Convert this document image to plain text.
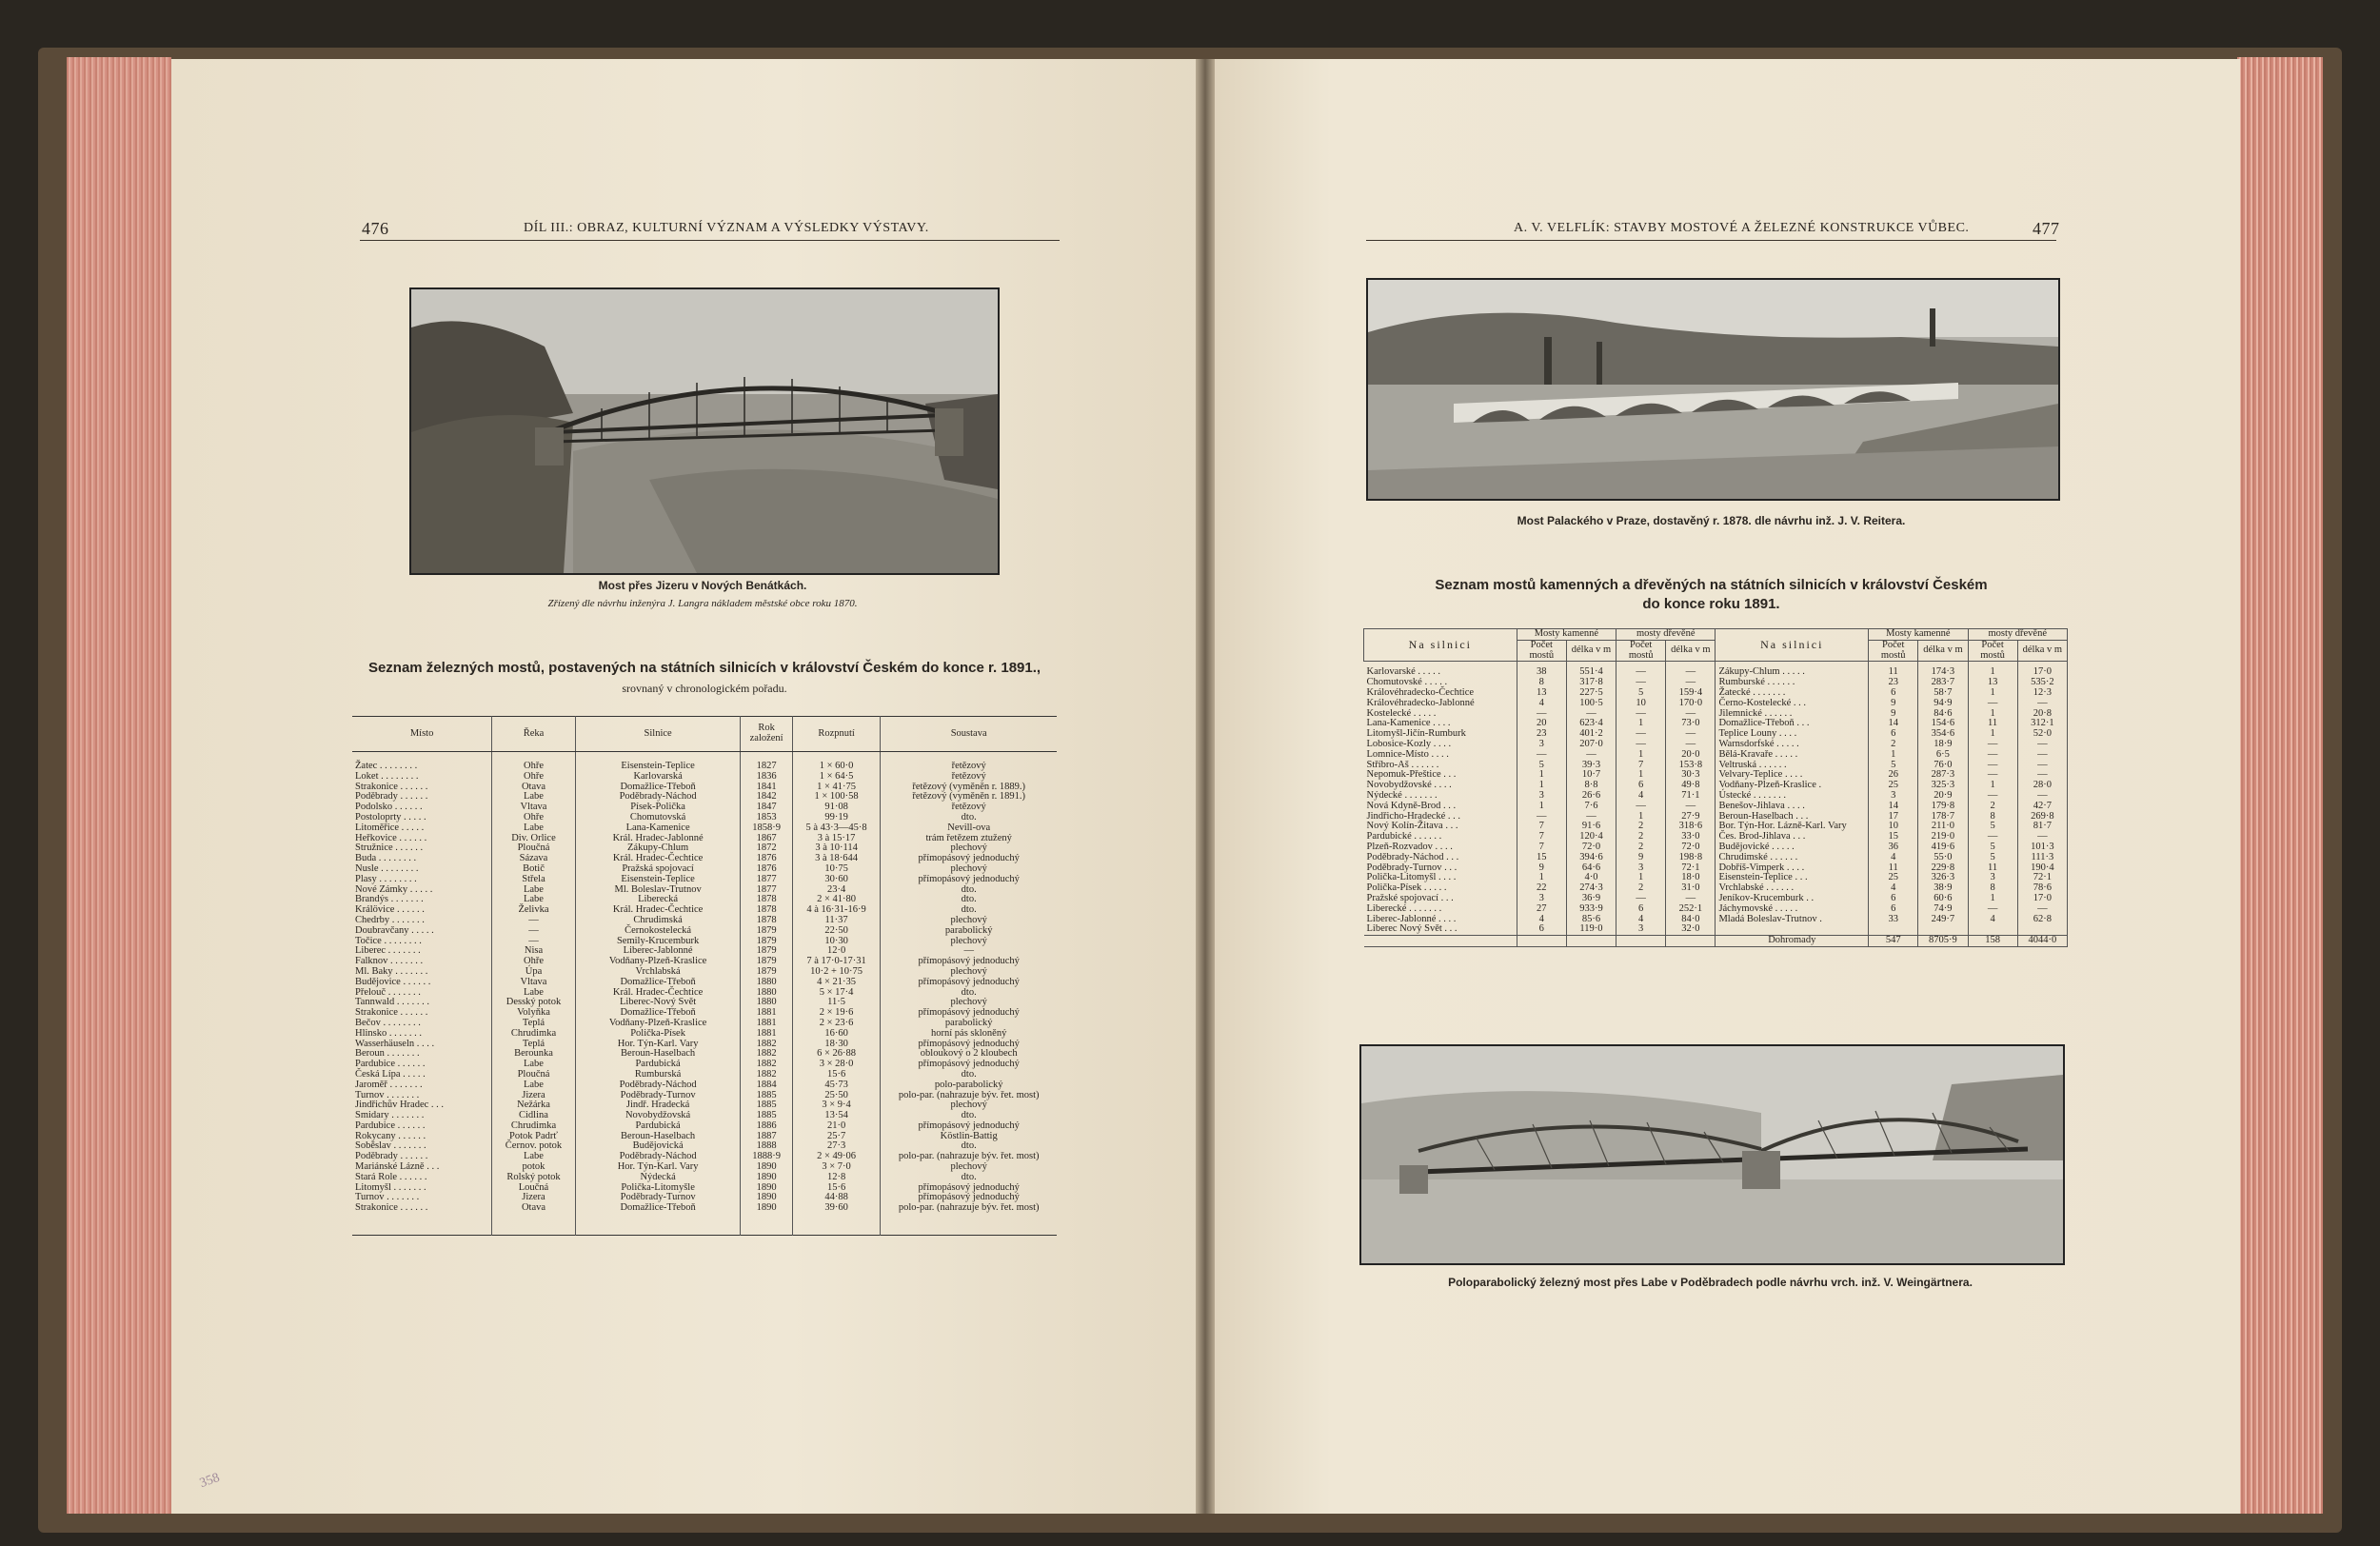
476	DÍL III.: OBRAZ, KULTURNÍ VÝZNAM A VÝSLEDKY VÝSTAVY.
Most přes Jizeru v Nových Benátkách.
Zřízený dle návrhu inženýra J. Langra nákladem městské obce roku 1870.
Seznam železných mostů, postavených na státních silnicích v království Českém do konce r. 1891.,
srovnaný v chronologickém pořadu.
Místo	Řeka	Silnice	Rok založení	Rozpnutí	Soustava
Žatec . . . . . . . .	Ohře	Eisenstein-Teplice	1827	1 × 60·0	řetězový
Loket . . . . . . . .	Ohře	Karlovarská	1836	1 × 64·5	řetězový
Strakonice . . . . . .	Otava	Domažlice-Třeboň	1841	1 × 41·75	řetězový (vyměněn r. 1889.)
Poděbrady . . . . . .	Labe	Poděbrady-Náchod	1842	1 × 100·58	řetězový (vyměněn r. 1891.)
Podolsko . . . . . .	Vltava	Písek-Polička	1847	91·08	řetězový
Postoloprty . . . . .	Ohře	Chomutovská	1853	99·19	dto.
Litoměřice . . . . .	Labe	Lana-Kamenice	1858·9	5 à 43·3—45·8	Nevill-ova
Heřkovice . . . . . .	Div. Orlice	Král. Hradec-Jablonné	1867	3 à 15·17	trám řetězem ztužený
Stružnice . . . . . .	Ploučná	Zákupy-Chlum	1872	3 à 10·114	plechový
Buda . . . . . . . .	Sázava	Král. Hradec-Čechtice	1876	3 à 18·644	přímopásový jednoduchý
Nusle . . . . . . . .	Botič	Pražská spojovací	1876	10·75	plechový
Plasy . . . . . . . .	Střela	Eisenstein-Teplice	1877	30·60	přímopásový jednoduchý
Nové Zámky . . . . .	Labe	Ml. Boleslav-Trutnov	1877	23·4	dto.
Brandýs . . . . . . .	Labe	Liberecká	1878	2 × 41·80	dto.
Králövice . . . . . .	Želivka	Král. Hradec-Čechtice	1878	4 à 16·31-16·9	dto.
Chedrby . . . . . . .	—	Chrudimská	1878	11·37	plechový
Doubravčany . . . . .	—	Černokostelecká	1879	22·50	parabolický
Točice . . . . . . . .	—	Semily-Krucemburk	1879	10·30	plechový
Liberec . . . . . . .	Nisa	Liberec-Jablonné	1879	12·0	—
Falknov . . . . . . .	Ohře	Vodňany-Plzeň-Kraslice	1879	7 à 17·0-17·31	přímopásový jednoduchý
Ml. Baky . . . . . . .	Úpa	Vrchlabská	1879	10·2 + 10·75	plechový
Budějovice . . . . . .	Vltava	Domažlice-Třeboň	1880	4 × 21·35	přímopásový jednoduchý
Přelouč . . . . . . .	Labe	Král. Hradec-Čechtice	1880	5 × 17·4	dto.
Tannwald . . . . . . .	Desský potok	Liberec-Nový Svět	1880	11·5	plechový
Strakonice . . . . . .	Volyňka	Domažlice-Třeboň	1881	2 × 19·6	přímopásový jednoduchý
Bečov . . . . . . . .	Teplá	Vodňany-Plzeň-Kraslice	1881	2 × 23·6	parabolický
Hlinsko . . . . . . .	Chrudimka	Polička-Písek	1881	16·60	horní pás skloněný
Wasserhäuseln . . . .	Teplá	Hor. Týn-Karl. Vary	1882	18·30	přímopásový jednoduchý
Beroun . . . . . . .	Berounka	Beroun-Haselbach	1882	6 × 26·88	obloukový o 2 kloubech
Pardubice . . . . . .	Labe	Pardubická	1882	3 × 28·0	přímopásový jednoduchý
Česká Lípa . . . . .	Ploučná	Rumburská	1882	15·6	dto.
Jaroměř . . . . . . .	Labe	Poděbrady-Náchod	1884	45·73	polo-parabolický
Turnov . . . . . . .	Jizera	Poděbrady-Turnov	1885	25·50	polo-par. (nahrazuje býv. řet. most)
Jindřichův Hradec . . .	Nežárka	Jindř. Hradecká	1885	3 × 9·4	plechový
Smidary . . . . . . .	Cidlina	Novobydžovská	1885	13·54	dto.
Pardubice . . . . . .	Chrudimka	Pardubická	1886	21·0	přímopásový jednoduchý
Rokycany . . . . . .	Potok Padrť	Beroun-Haselbach	1887	25·7	Köstlin-Battig
Soběslav . . . . . . .	Černov. potok	Budějovická	1888	27·3	dto.
Poděbrady . . . . . .	Labe	Poděbrady-Náchod	1888·9	2 × 49·06	polo-par. (nahrazuje býv. řet. most)
Mariánské Lázně . . .	potok	Hor. Týn-Karl. Vary	1890	3 × 7·0	plechový
Stará Role . . . . . .	Rolský potok	Nýdecká	1890	12·8	dto.
Litomyšl . . . . . . .	Loučná	Polička-Litomyšle	1890	15·6	přímopásový jednoduchý
Turnov . . . . . . .	Jizera	Poděbrady-Turnov	1890	44·88	přímopásový jednoduchý
Strakonice . . . . . .	Otava	Domažlice-Třeboň	1890	39·60	polo-par. (nahrazuje býv. řet. most)

A. V. VELFLÍK: STAVBY MOSTOVÉ A ŽELEZNÉ KONSTRUKCE VŮBEC.	477
Most Palackého v Praze, dostavěný r. 1878. dle návrhu inž. J. V. Reitera.
Seznam mostů kamenných a dřevěných na státních silnicích v království Českém
do konce roku 1891.
Na silnici	Mosty kamenné		mosty dřevěné		Na silnici	Mosty kamenné		mosty dřevěné	
	Počet mostů	délka v m	Počet mostů	délka v m		Počet mostů	délka v m	Počet mostů	délka v m
Karlovarské . . . . .	38	551·4	—	—	Zákupy-Chlum . . . . .	11	174·3	1	17·0
Chomutovské . . . . .	8	317·8	—	—	Rumburské . . . . . .	23	283·7	13	535·2
Královéhradecko-Čechtice	13	227·5	5	159·4	Žatecké . . . . . . .	6	58·7	1	12·3
Královéhradecko-Jablonné	4	100·5	10	170·0	Černo-Kostelecké . . .	9	94·9	—	—
Kostelecké . . . . .	—	—	—	—	Jilemnické . . . . . .	9	84·6	1	20·8
Lana-Kamenice . . . .	20	623·4	1	73·0	Domažlice-Třeboň . . .	14	154·6	11	312·1
Litomyšl-Jičín-Rumburk	23	401·2	—	—	Teplice Louny . . . .	6	354·6	1	52·0
Lobosice-Kozly . . . .	3	207·0	—	—	Warnsdorfské . . . . .	2	18·9	—	—
Lomnice-Místo . . . .	—	—	1	20·0	Bělá-Kravaře . . . . .	1	6·5	—	—
Stříbro-Aš . . . . . .	5	39·3	7	153·8	Veltruská . . . . . .	5	76·0	—	—
Nepomuk-Přeštice . . .	1	10·7	1	30·3	Velvary-Teplice . . . .	26	287·3	—	—
Novobydžovské . . . .	1	8·8	6	49·8	Vodňany-Plzeň-Kraslice .	25	325·3	1	28·0
Nýdecké . . . . . . .	3	26·6	4	71·1	Ústecké . . . . . . .	3	20·9	—	—
Nová Kdyně-Brod . . .	1	7·6	—	—	Benešov-Jihlava . . . .	14	179·8	2	42·7
Jindřicho-Hradecké . . .	—	—	1	27·9	Beroun-Haselbach . . .	17	178·7	8	269·8
Nový Kolín-Žitava . . .	7	91·6	2	318·6	Bor. Týn-Hor. Lázně-Karl. Vary	10	211·0	5	81·7
Pardubické . . . . . .	7	120·4	2	33·0	Čes. Brod-Jihlava . . .	15	219·0	—	—
Plzeň-Rozvadov . . . .	7	72·0	2	72·0	Budějovické . . . . .	36	419·6	5	101·3
Poděbrady-Náchod . . .	15	394·6	9	198·8	Chrudimské . . . . . .	4	55·0	5	111·3
Poděbrady-Turnov . . .	9	64·6	3	72·1	Dobříš-Vimperk . . . .	11	229·8	11	190·4
Polička-Litomyšl . . . .	1	4·0	1	18·0	Eisenstein-Teplice . . .	25	326·3	3	72·1
Polička-Písek . . . . .	22	274·3	2	31·0	Vrchlabské . . . . . .	4	38·9	8	78·6
Pražské spojovací . . .	3	36·9	—	—	Jeníkov-Krucemburk . .	6	60·6	1	17·0
Liberecké . . . . . . .	27	933·9	6	252·1	Jáchymovské . . . . .	6	74·9	—	—
Liberec-Jablonné . . . .	4	85·6	4	84·0	Mladá Boleslav-Trutnov .	33	249·7	4	62·8
Liberec Nový Svět . . .	6	119·0	3	32·0					
					Dohromady	547	8705·9	158	4044·0
Poloparabolický železný most přes Labe v Poděbradech podle návrhu vrch. inž. V. Weingärtnera.
358
